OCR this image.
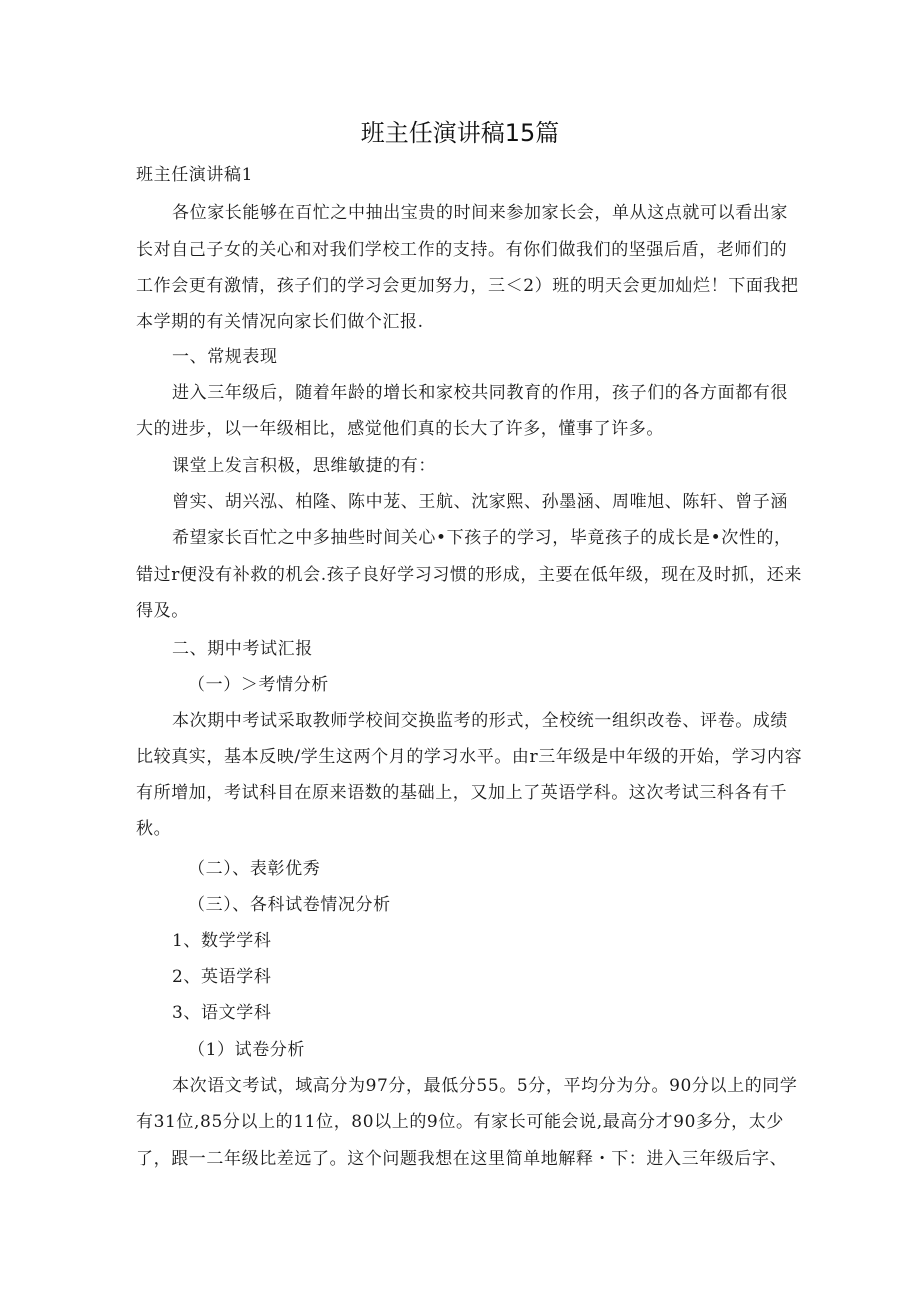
班主任演讲稿15篇
班主任演讲稿1
各位家长能够在百忙之中抽出宝贵的时间来参加家长会，单从这点就可以看出家
长对自己子女的关心和对我们学校工作的支持。有你们做我们的坚强后盾，老师们的
工作会更有激情，孩子们的学习会更加努力，三＜2）班的明天会更加灿烂！下面我把
本学期的有关情况向家长们做个汇报.
一、常规表现
进入三年级后，随着年龄的增长和家校共同教育的作用，孩子们的各方面都有很
大的进步，以一年级相比，感觉他们真的长大了许多，懂事了许多。
课堂上发言积极，思维敏捷的有：
曾实、胡兴泓、柏隆、陈中茏、王航、沈家熙、孙墨涵、周唯旭、陈轩、曾子涵
希望家长百忙之中多抽些时间关心•下孩子的学习，毕竟孩子的成长是•次性的，
错过r便没有补救的机会.孩子良好学习习惯的形成，主要在低年级，现在及时抓，还来
得及。
二、期中考试汇报
（一）＞考情分析
本次期中考试采取教师学校间交换监考的形式，全校统一组织改卷、评卷。成绩
比较真实，基本反映/学生这两个月的学习水平。由r三年级是中年级的开始，学习内容
有所增加，考试科目在原来语数的基础上，又加上了英语学科。这次考试三科各有千
秋。
（二）、表彰优秀
（三）、各科试卷情况分析
1、数学学科
2、英语学科
3、语文学科
（1）试卷分析
本次语文考试，域高分为97分，最低分55。5分，平均分为分。90分以上的同学
有31位,85分以上的11位，80以上的9位。有家长可能会说,最高分才90多分，太少
了，跟一二年级比差远了。这个问题我想在这里简单地解释・下：进入三年级后字、
